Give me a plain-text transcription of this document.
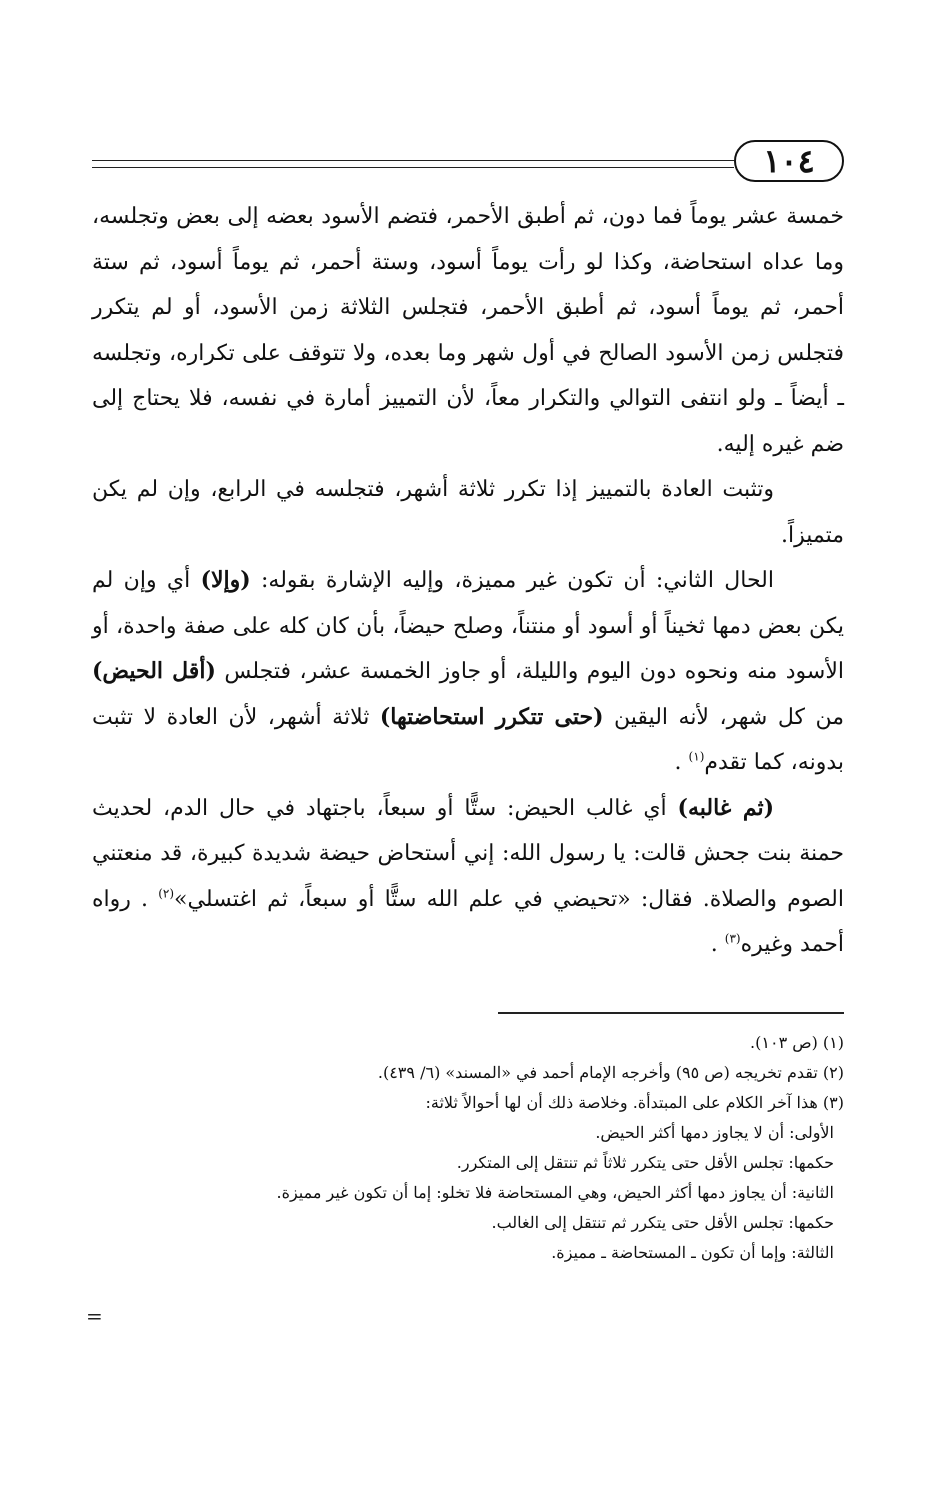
١٠٤

خمسة عشر يوماً فما دون، ثم أطبق الأحمر، فتضم الأسود بعضه إلى بعض وتجلسه، وما عداه استحاضة، وكذا لو رأت يوماً أسود، وستة أحمر، ثم يوماً أسود، ثم ستة أحمر، ثم يوماً أسود، ثم أطبق الأحمر، فتجلس الثلاثة زمن الأسود، أو لم يتكرر فتجلس زمن الأسود الصالح في أول شهر وما بعده، ولا تتوقف على تكراره، وتجلسه ـ أيضاً ـ ولو انتفى التوالي والتكرار معاً، لأن التمييز أمارة في نفسه، فلا يحتاج إلى ضم غيره إليه.

وتثبت العادة بالتمييز إذا تكرر ثلاثة أشهر، فتجلسه في الرابع، وإن لم يكن متميزاً.

الحال الثاني: أن تكون غير مميزة، وإليه الإشارة بقوله: (وإلا) أي وإن لم يكن بعض دمها ثخيناً أو أسود أو منتناً، وصلح حيضاً، بأن كان كله على صفة واحدة، أو الأسود منه ونحوه دون اليوم والليلة، أو جاوز الخمسة عشر، فتجلس (أقل الحيض) من كل شهر، لأنه اليقين (حتى تتكرر استحاضتها) ثلاثة أشهر، لأن العادة لا تثبت بدونه، كما تقدم$^{(١)}$ .

(ثم غالبه) أي غالب الحيض: ستًّا أو سبعاً، باجتهاد في حال الدم، لحديث حمنة بنت جحش قالت: يا رسول الله: إني أستحاض حيضة شديدة كبيرة، قد منعتني الصوم والصلاة. فقال: «تحيضي في علم الله ستًّا أو سبعاً، ثم اغتسلي»$^{(٢)}$ . رواه أحمد وغيره$^{(٣)}$ .

(١) (ص ١٠٣).

(٢) تقدم تخريجه (ص ٩٥) وأخرجه الإمام أحمد في «المسند» (٦/ ٤٣٩).

(٣) هذا آخر الكلام على المبتدأة. وخلاصة ذلك أن لها أحوالاً ثلاثة:

الأولى: أن لا يجاوز دمها أكثر الحيض.

حكمها: تجلس الأقل حتى يتكرر ثلاثاً ثم تنتقل إلى المتكرر.

الثانية: أن يجاوز دمها أكثر الحيض، وهي المستحاضة فلا تخلو: إما أن تكون غير مميزة.

حكمها: تجلس الأقل حتى يتكرر ثم تنتقل إلى الغالب.

الثالثة: وإما أن تكون ـ المستحاضة ـ مميزة.

=
